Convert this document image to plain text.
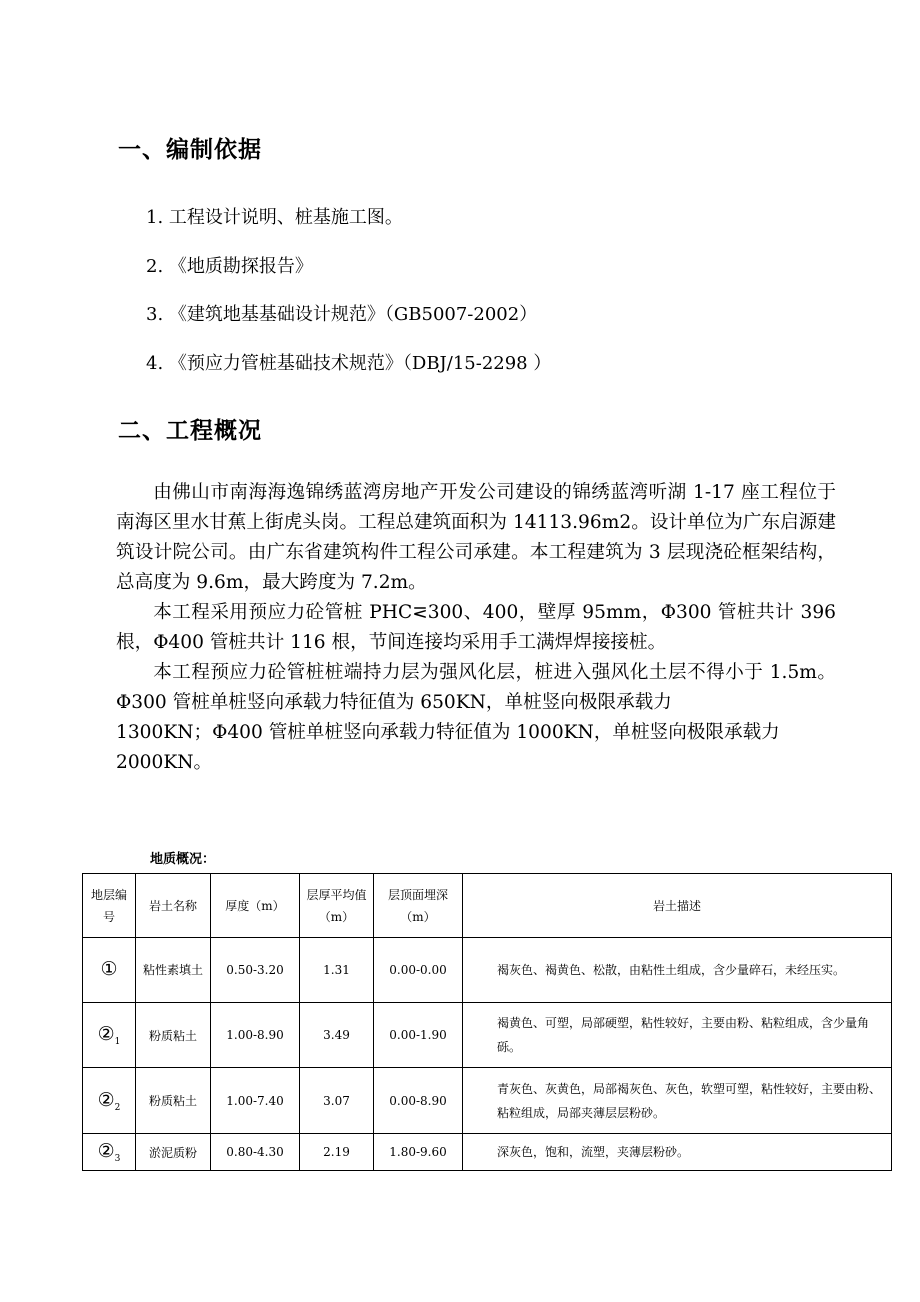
一、编制依据
1. 工程设计说明、桩基施工图。
2. 《地质勘探报告》
3. 《建筑地基基础设计规范》（GB5007-2002）
4. 《预应力管桩基础技术规范》（DBJ/15-2298 ）
二、工程概况

由佛山市南海海逸锦绣蓝湾房地产开发公司建设的锦绣蓝湾听湖 1-17 座工程位于南海区里水甘蕉上街虎头岗。工程总建筑面积为 14113.96m2。设计单位为广东启源建筑设计院公司。由广东省建筑构件工程公司承建。本工程建筑为 3 层现浇砼框架结构，总高度为 9.6m，最大跨度为 7.2m。

本工程采用预应力砼管桩 PHC⋜300、400，壁厚 95mm，Φ300 管桩共计 396 根，Φ400 管桩共计 116 根，节间连接均采用手工满焊焊接接桩。

本工程预应力砼管桩桩端持力层为强风化层，桩进入强风化土层不得小于 1.5m。Φ300 管桩单桩竖向承载力特征值为 650KN，单桩竖向极限承载力

1300KN；Φ400 管桩单桩竖向承载力特征值为 1000KN，单桩竖向极限承载力

2000KN。

地质概况：
地层编号	岩土名称	厚度（m）	层厚平均值（m）	层顶面埋深（m）	岩土描述
①	粘性素填土	0.50-3.20	1.31	0.00-0.00	褐灰色、褐黄色、松散，由粘性土组成，含少量碎石，未经压实。
$②_1$	粉质粘土	1.00-8.90	3.49	0.00-1.90	褐黄色、可塑，局部硬塑，粘性较好，主要由粉、粘粒组成，含少量角砾。
$②_2$	粉质粘土	1.00-7.40	3.07	0.00-8.90	青灰色、灰黄色，局部褐灰色、灰色，软塑可塑，粘性较好，主要由粉、粘粒组成，局部夹薄层层粉砂。
$②_3$	淤泥质粉	0.80-4.30	2.19	1.80-9.60	深灰色，饱和，流塑，夹薄层粉砂。
